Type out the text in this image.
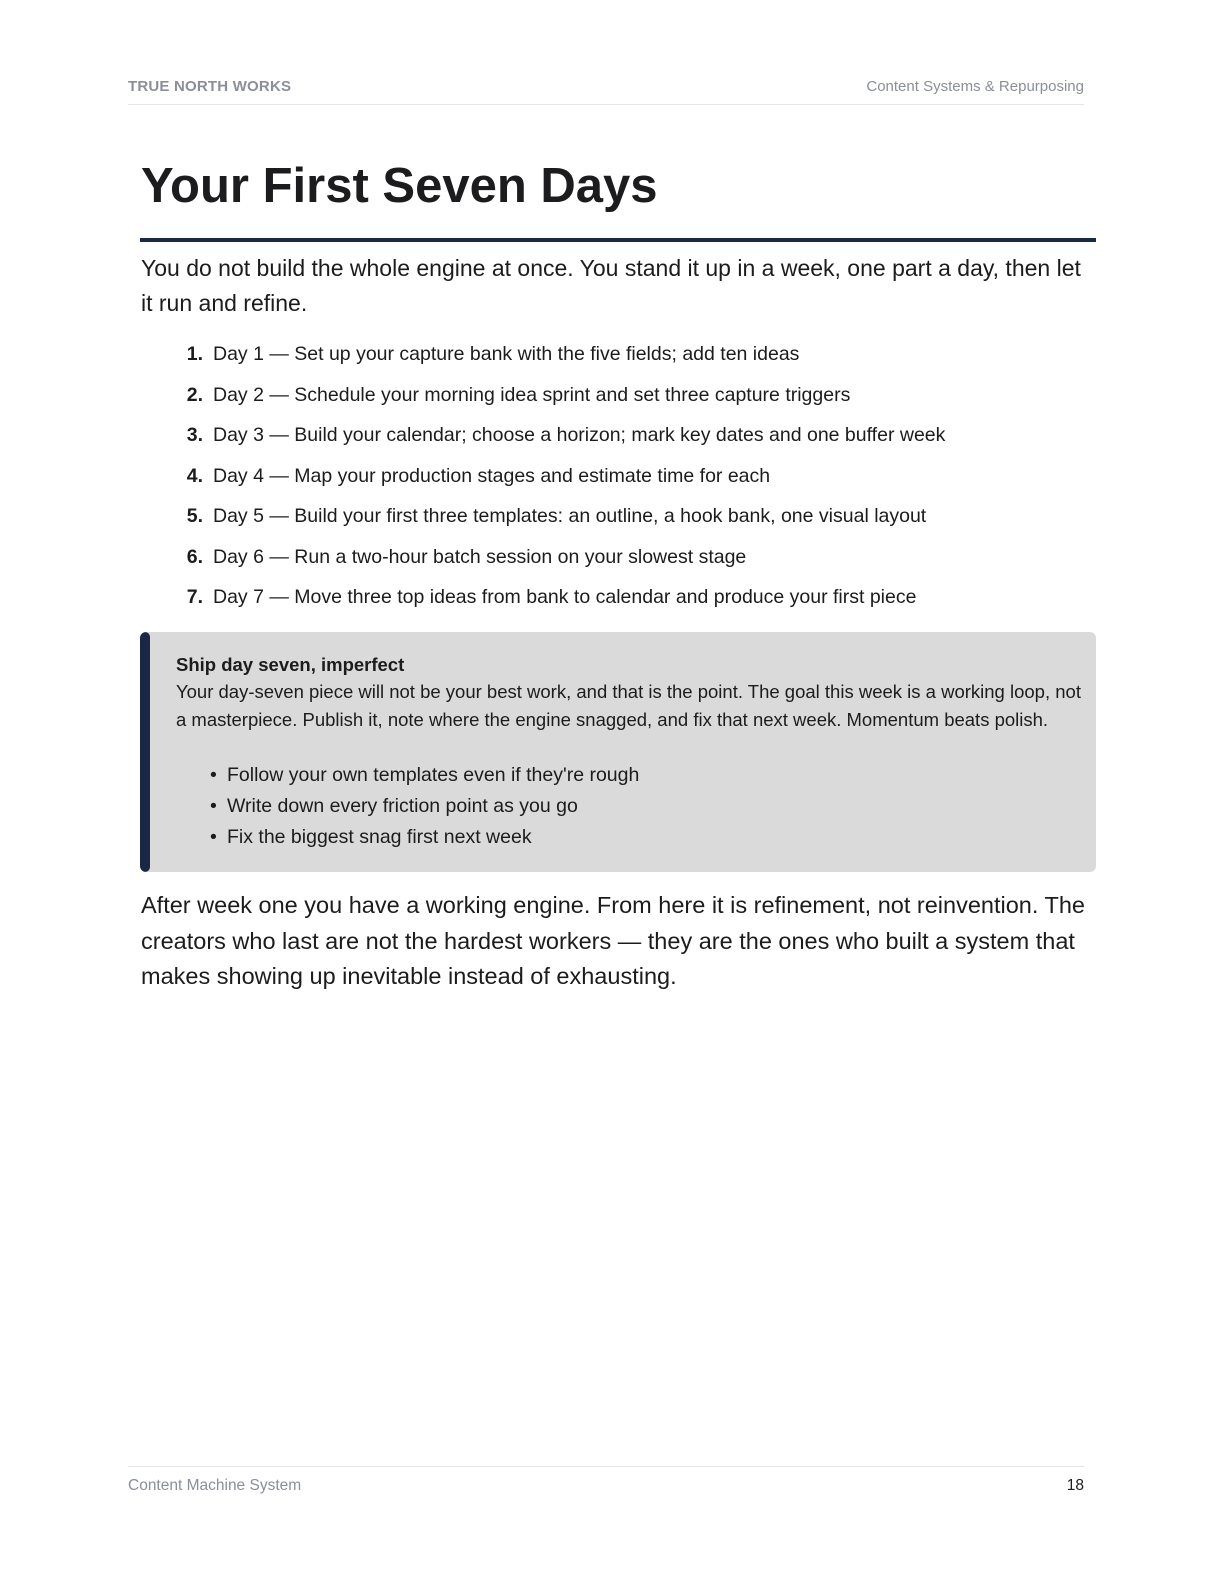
TRUE NORTH WORKS	Content Systems & Repurposing
Your First Seven Days

You do not build the whole engine at once. You stand it up in a week, one part a day, then let it run and refine.

1. Day 1 — Set up your capture bank with the five fields; add ten ideas
2. Day 2 — Schedule your morning idea sprint and set three capture triggers
3. Day 3 — Build your calendar; choose a horizon; mark key dates and one buffer week
4. Day 4 — Map your production stages and estimate time for each
5. Day 5 — Build your first three templates: an outline, a hook bank, one visual layout
6. Day 6 — Run a two-hour batch session on your slowest stage
7. Day 7 — Move three top ideas from bank to calendar and produce your first piece
Ship day seven, imperfect

Your day-seven piece will not be your best work, and that is the point. The goal this week is a working loop, not a masterpiece. Publish it, note where the engine snagged, and fix that next week. Momentum beats polish.

• Follow your own templates even if they're rough
• Write down every friction point as you go
• Fix the biggest snag first next week

After week one you have a working engine. From here it is refinement, not reinvention. The creators who last are not the hardest workers — they are the ones who built a system that makes showing up inevitable instead of exhausting.

Content Machine System	18
